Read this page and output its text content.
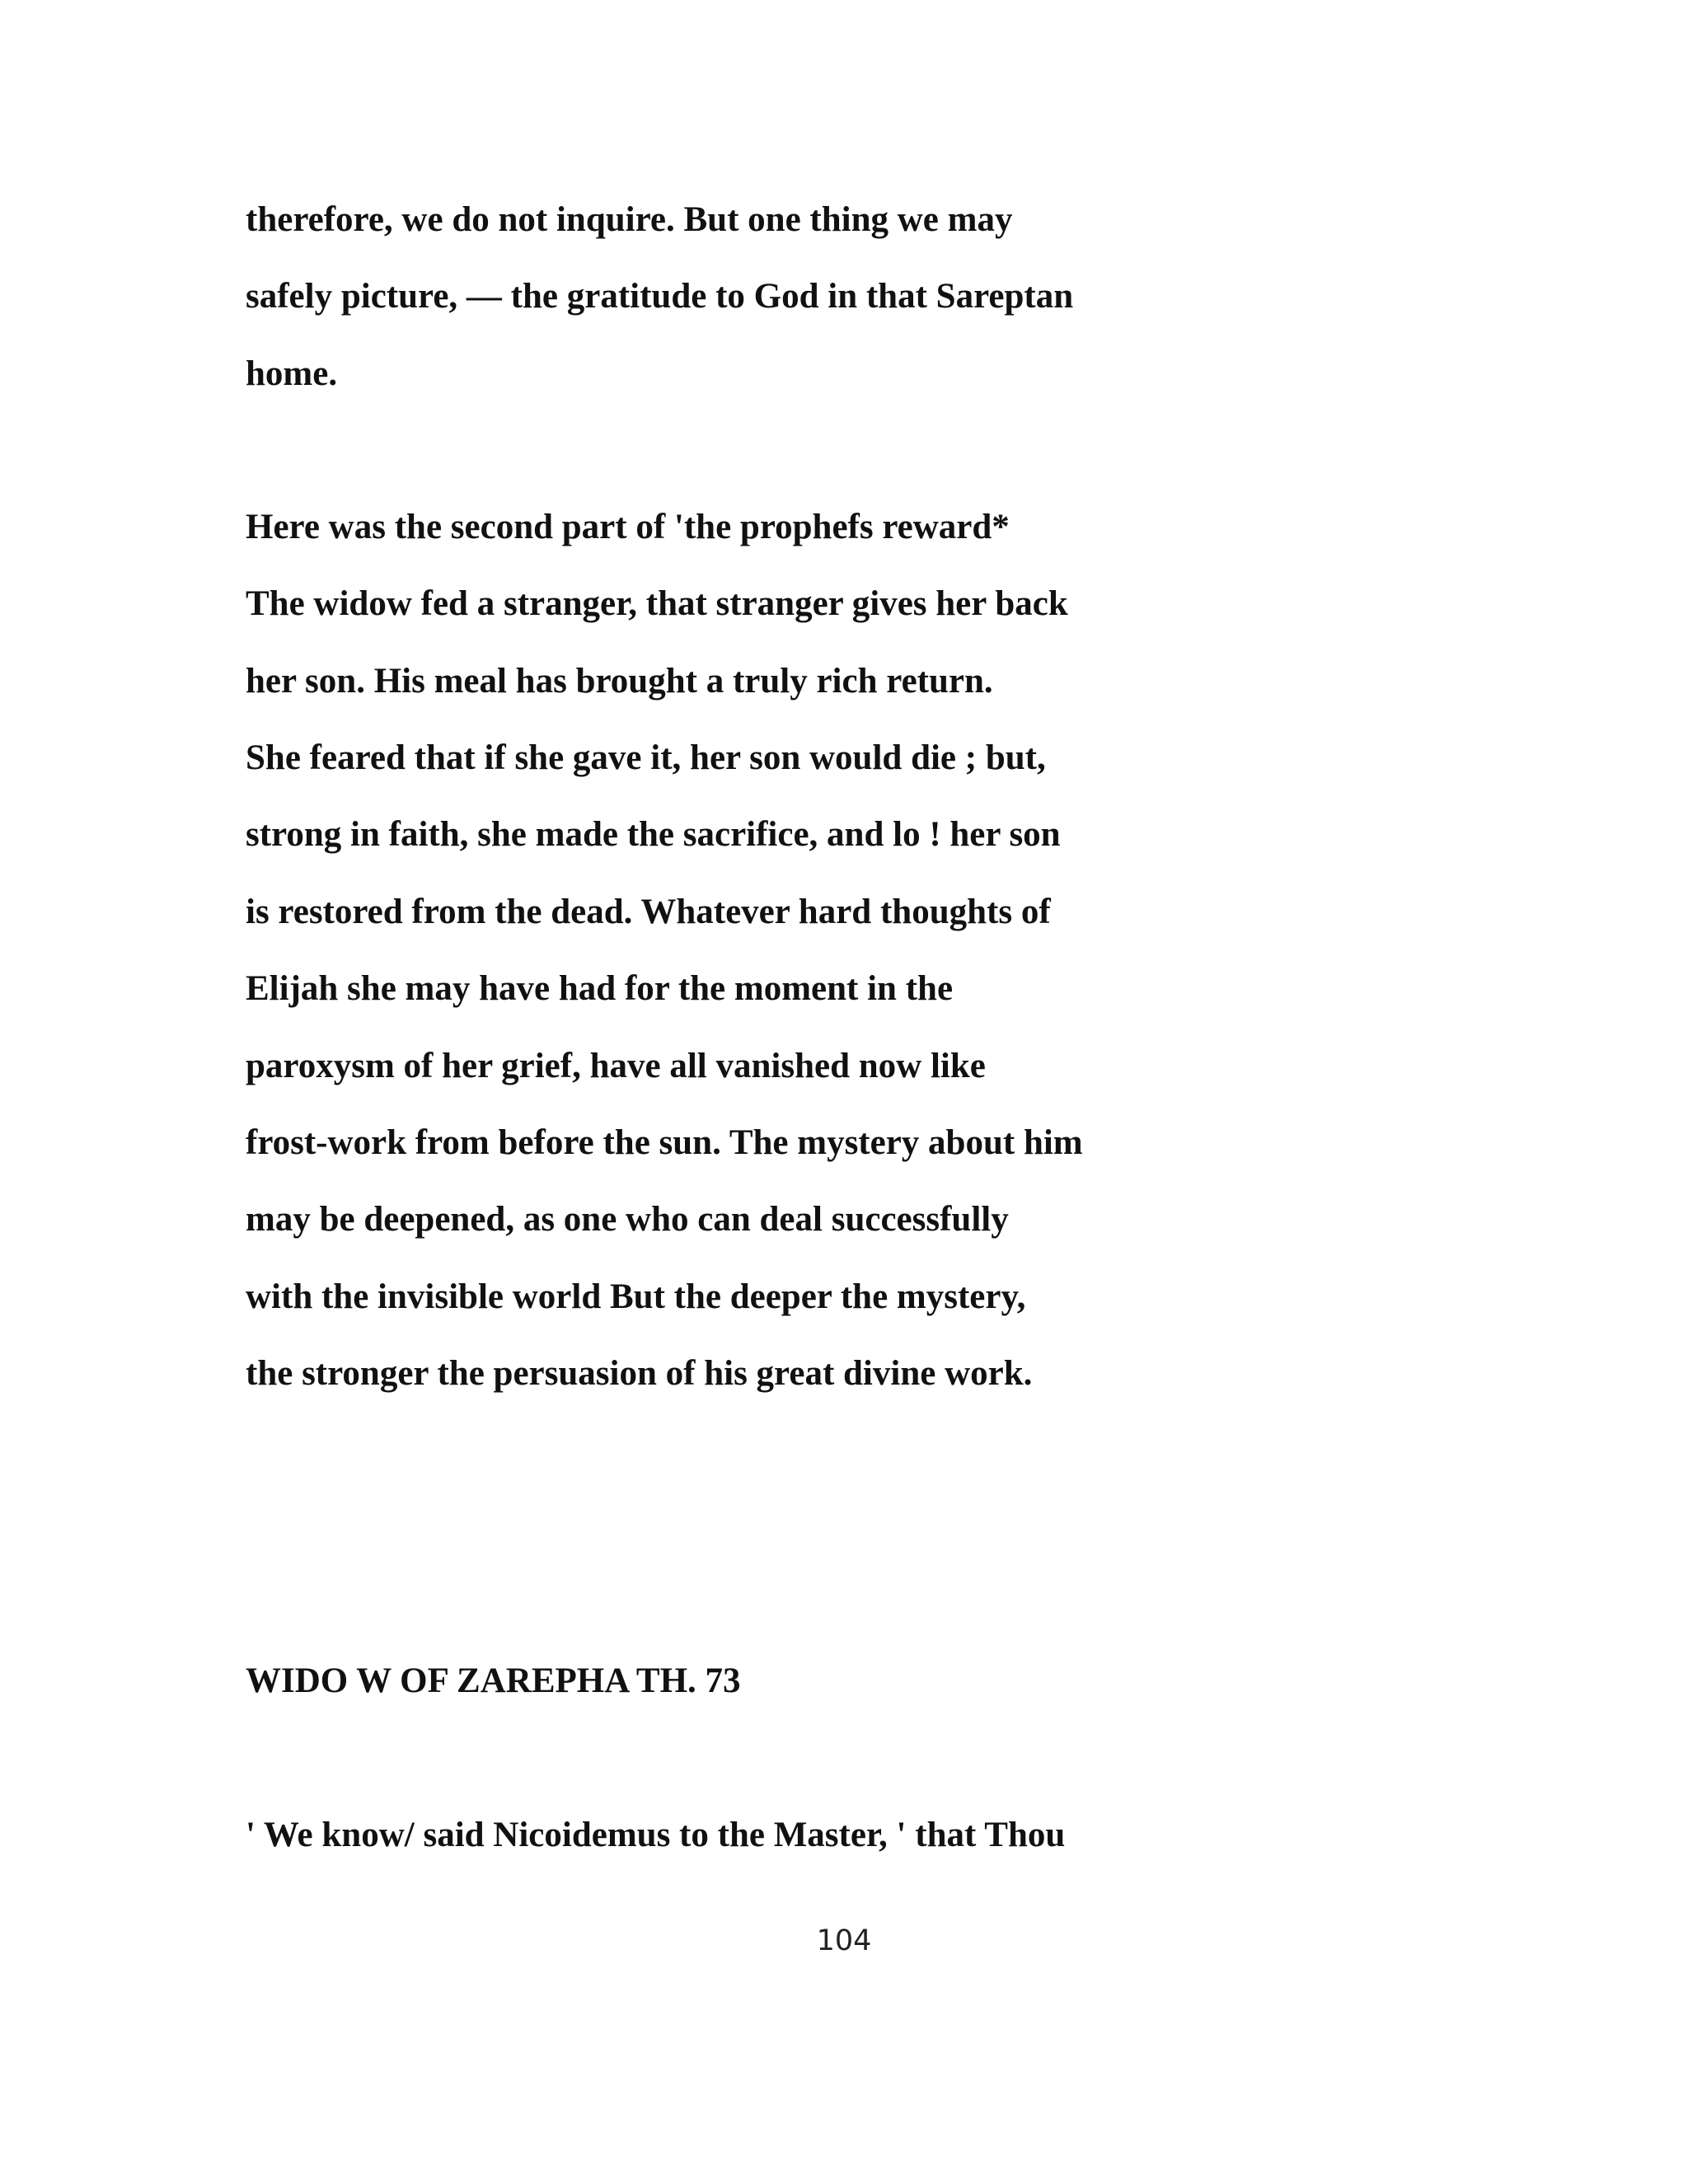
therefore, we do not inquire. But one thing we may
safely picture, — the gratitude to God in that Sareptan
home.
Here was the second part of 'the prophefs reward*
The widow fed a stranger, that stranger gives her back
her son. His meal has brought a truly rich return.
She feared that if she gave it, her son would die ; but,
strong in faith, she made the sacrifice, and lo ! her son
is restored from the dead. Whatever hard thoughts of
Elijah she may have had for the moment in the
paroxysm of her grief, have all vanished now like
frost-work from before the sun. The mystery about him
may be deepened, as one who can deal successfully
with the invisible world But the deeper the mystery,
the stronger the persuasion of his great divine work.
WIDO W OF ZAREPHA TH. 73
' We know/ said Nicoidemus to the Master, ' that Thou
104
